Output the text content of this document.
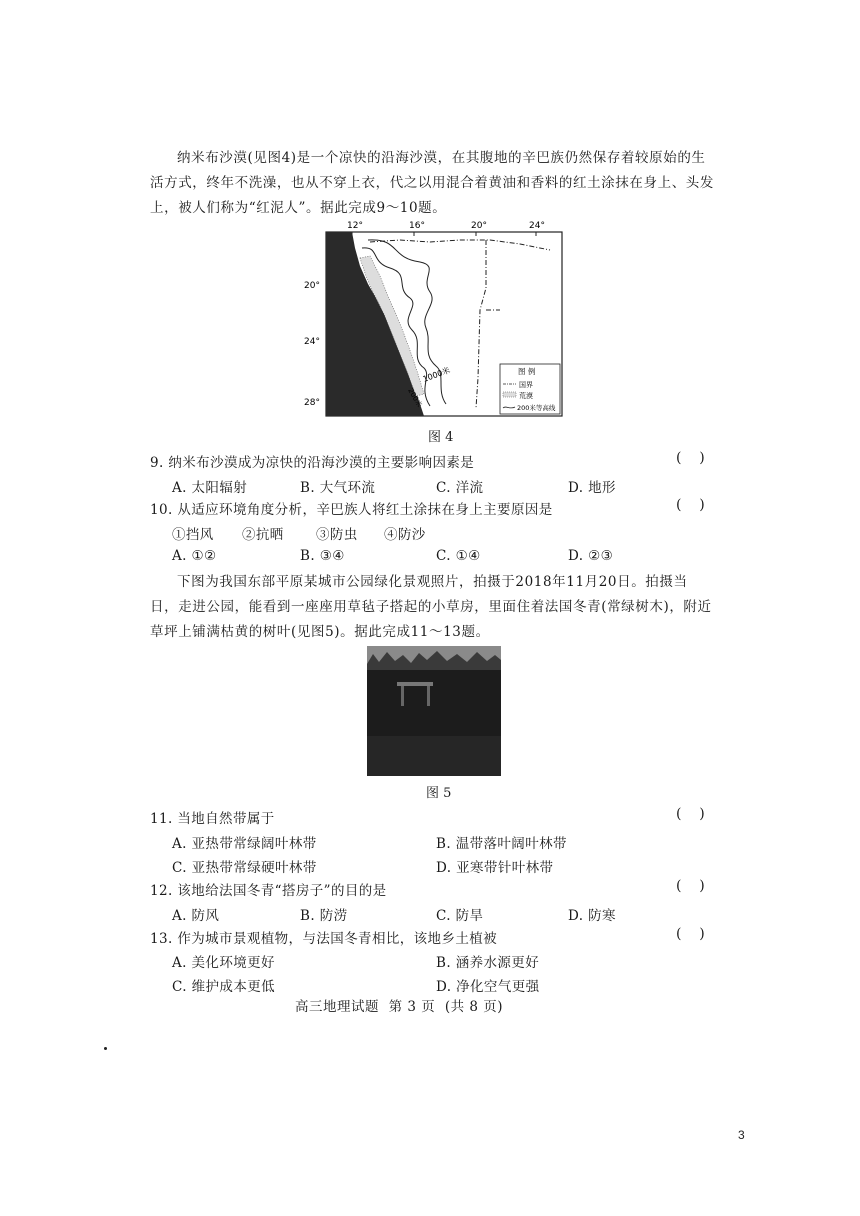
纳米布沙漠(见图4)是一个凉快的沿海沙漠，在其腹地的辛巴族仍然保存着较原始的生活方式，终年不洗澡，也从不穿上衣，代之以用混合着黄油和香料的红土涂抹在身上、头发上，被人们称为“红泥人”。据此完成9～10题。

12°	16°	20°	24°
20°
24°
28°
1000米
200米
图 例
国界
荒漠
200米等高线
图 4
9. 纳米布沙漠成为凉快的沿海沙漠的主要影响因素是	(    )
A. 太阳辐射	B. 大气环流	C. 洋流	D. 地形
10. 从适应环境角度分析，辛巴族人将红土涂抹在身上主要原因是	(    )
①挡风 ②抗晒 ③防虫 ④防沙
A. ①②	B. ③④	C. ①④	D. ②③

下图为我国东部平原某城市公园绿化景观照片，拍摄于2018年11月20日。拍摄当日，走进公园，能看到一座座用草毡子搭起的小草房，里面住着法国冬青(常绿树木)，附近草坪上铺满枯黄的树叶(见图5)。据此完成11～13题。

图 5
11. 当地自然带属于	(    )
A. 亚热带常绿阔叶林带	B. 温带落叶阔叶林带
C. 亚热带常绿硬叶林带	D. 亚寒带针叶林带
12. 该地给法国冬青“搭房子”的目的是	(    )
A. 防风	B. 防涝	C. 防旱	D. 防寒
13. 作为城市景观植物，与法国冬青相比，该地乡土植被	(    )
A. 美化环境更好	B. 涵养水源更好
C. 维护成本更低	D. 净化空气更强
高三地理试题  第 3 页  (共 8 页)
3
